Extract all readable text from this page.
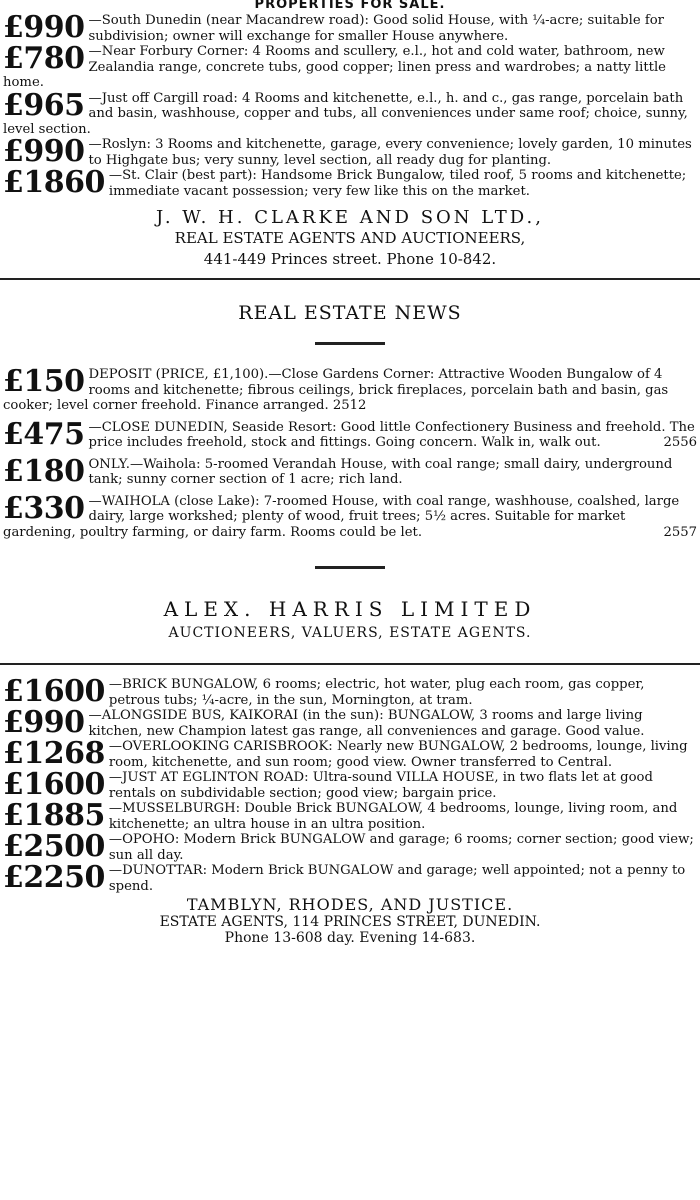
PROPERTIES FOR SALE.
£990 —South Dunedin (near Macandrew road): Good solid House, with ¼-acre; suitable for subdivision; owner will exchange for smaller House anywhere.
£780 —Near Forbury Corner: 4 Rooms and scullery, e.l., hot and cold water, bathroom, new Zealandia range, concrete tubs, good copper; linen press and wardrobes; a natty little home.
£965 —Just off Cargill road: 4 Rooms and kitchenette, e.l., h. and c., gas range, porcelain bath and basin, washhouse, copper and tubs, all conveniences under same roof; choice, sunny, level section.
£990 —Roslyn: 3 Rooms and kitchenette, garage, every convenience; lovely garden, 10 minutes to Highgate bus; very sunny, level section, all ready dug for planting.
£1860 —St. Clair (best part): Handsome Brick Bungalow, tiled roof, 5 rooms and kitchenette; immediate vacant possession; very few like this on the market.
J. W. H. CLARKE AND SON LTD.,
REAL ESTATE AGENTS AND AUCTIONEERS,
441-449 Princes street. Phone 10-842.
REAL ESTATE NEWS
£150 DEPOSIT (PRICE, £1,100).—Close Gardens Corner: Attractive Wooden Bungalow of 4 rooms and kitchenette; fibrous ceilings, brick fireplaces, porcelain bath and basin, gas cooker; level corner freehold. Finance arranged. 2512
£475 —CLOSE DUNEDIN, Seaside Resort: Good little Confectionery Business and freehold. The price includes freehold, stock and fittings. Going concern. Walk in, walk out.	2556
£180 ONLY.—Waihola: 5-roomed Verandah House, with coal range; small dairy, underground tank; sunny corner section of 1 acre; rich land.
£330 —WAIHOLA (close Lake): 7-roomed House, with coal range, washhouse, coalshed, large dairy, large workshed; plenty of wood, fruit trees; 5½ acres. Suitable for market gardening, poultry farming, or dairy farm. Rooms could be let.	2557
ALEX. HARRIS LIMITED
AUCTIONEERS, VALUERS, ESTATE AGENTS.
£1600 —BRICK BUNGALOW, 6 rooms; electric, hot water, plug each room, gas copper, petrous tubs; ¼-acre, in the sun, Mornington, at tram.
£990 —ALONGSIDE BUS, KAIKORAI (in the sun): BUNGALOW, 3 rooms and large living kitchen, new Champion latest gas range, all conveniences and garage. Good value.
£1268 —OVERLOOKING CARISBROOK: Nearly new BUNGALOW, 2 bedrooms, lounge, living room, kitchenette, and sun room; good view. Owner transferred to Central.
£1600 —JUST AT EGLINTON ROAD: Ultra-sound VILLA HOUSE, in two flats let at good rentals on subdividable section; good view; bargain price.
£1885 —MUSSELBURGH: Double Brick BUNGALOW, 4 bedrooms, lounge, living room, and kitchenette; an ultra house in an ultra position.
£2500 —OPOHO: Modern Brick BUNGALOW and garage; 6 rooms; corner section; good view; sun all day.
£2250 —DUNOTTAR: Modern Brick BUNGALOW and garage; well appointed; not a penny to spend.
TAMBLYN, RHODES, AND JUSTICE.
ESTATE AGENTS, 114 PRINCES STREET, DUNEDIN.
Phone 13-608 day. Evening 14-683.
